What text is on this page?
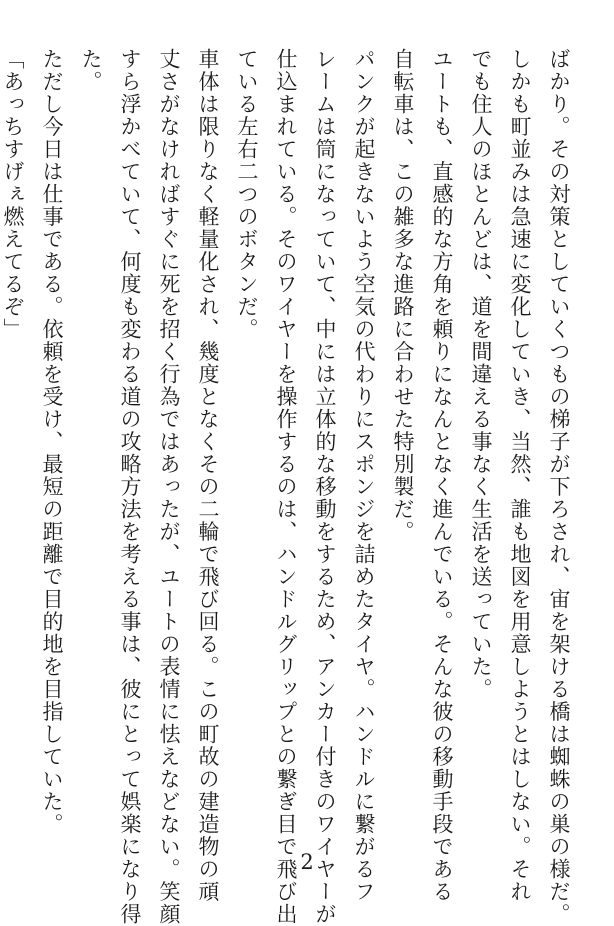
ばかり。その対策としていくつもの梯子が下ろされ、宙を架ける橋は蜘蛛の巣の様だ。
しかも町並みは急速に変化していき、当然、誰も地図を用意しようとはしない。それ
でも住人のほとんどは、道を間違える事なく生活を送っていた。
ユートも、直感的な方角を頼りになんとなく進んでいる。そんな彼の移動手段である
自転車は、この雑多な進路に合わせた特別製だ。
パンクが起きないよう空気の代わりにスポンジを詰めたタイヤ。ハンドルに繋がるフ
レームは筒になっていて、中には立体的な移動をするため、アンカー付きのワイヤーが
仕込まれている。そのワイヤーを操作するのは、ハンドルグリップとの繋ぎ目で飛び出
ている左右二つのボタンだ。
車体は限りなく軽量化され、幾度となくその二輪で飛び回る。この町故の建造物の頑
丈さがなければすぐに死を招く行為ではあったが、ユートの表情に怯えなどない。笑顔
すら浮かべていて、何度も変わる道の攻略方法を考える事は、彼にとって娯楽になり得
た。
ただし今日は仕事である。依頼を受け、最短の距離で目的地を目指していた。
「あっちすげぇ燃えてるぞ」
2
